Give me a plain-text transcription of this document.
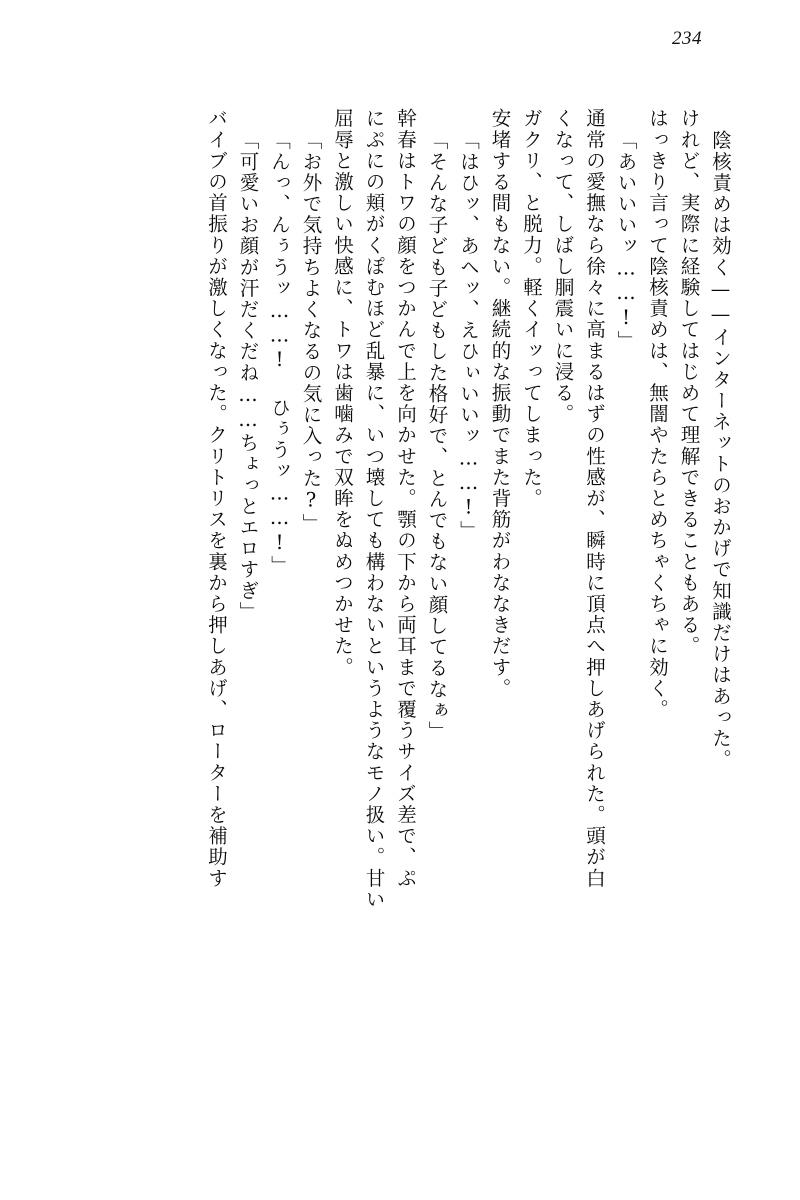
234
陰核責めは効く——インターネットのおかげで知識だけはあった。
けれど、実際に経験してはじめて理解できることもある。
はっきり言って陰核責めは、無闇やたらとめちゃくちゃに効く。
「あいいいッ……!」
通常の愛撫なら徐々に高まるはずの性感が、瞬時に頂点へ押しあげられた。頭が白
くなって、しばし胴震いに浸る。
ガクリ、と脱力。軽くイッってしまった。
安堵する間もない。継続的な振動でまた背筋がわななきだす。
「はひッ、あヘッ、えひぃいいッ……!」
「そんな子ども子どもした格好で、とんでもない顔してるなぁ」
幹春はトワの顔をつかんで上を向かせた。顎の下から両耳まで覆うサイズ差で、ぷ
にぷにの頬がくぽむほど乱暴に、いつ壊しても構わないというようなモノ扱い。甘い
屈辱と激しい快感に、トワは歯噛みで双眸をぬめつかせた。
「お外で気持ちよくなるの気に入った?」
「んっ、んぅうッ……! ひぅうッ……!」
「可愛いお顔が汗だくだね……ちょっとエロすぎ」
バイブの首振りが激しくなった。クリトリスを裏から押しあげ、ローターを補助す
